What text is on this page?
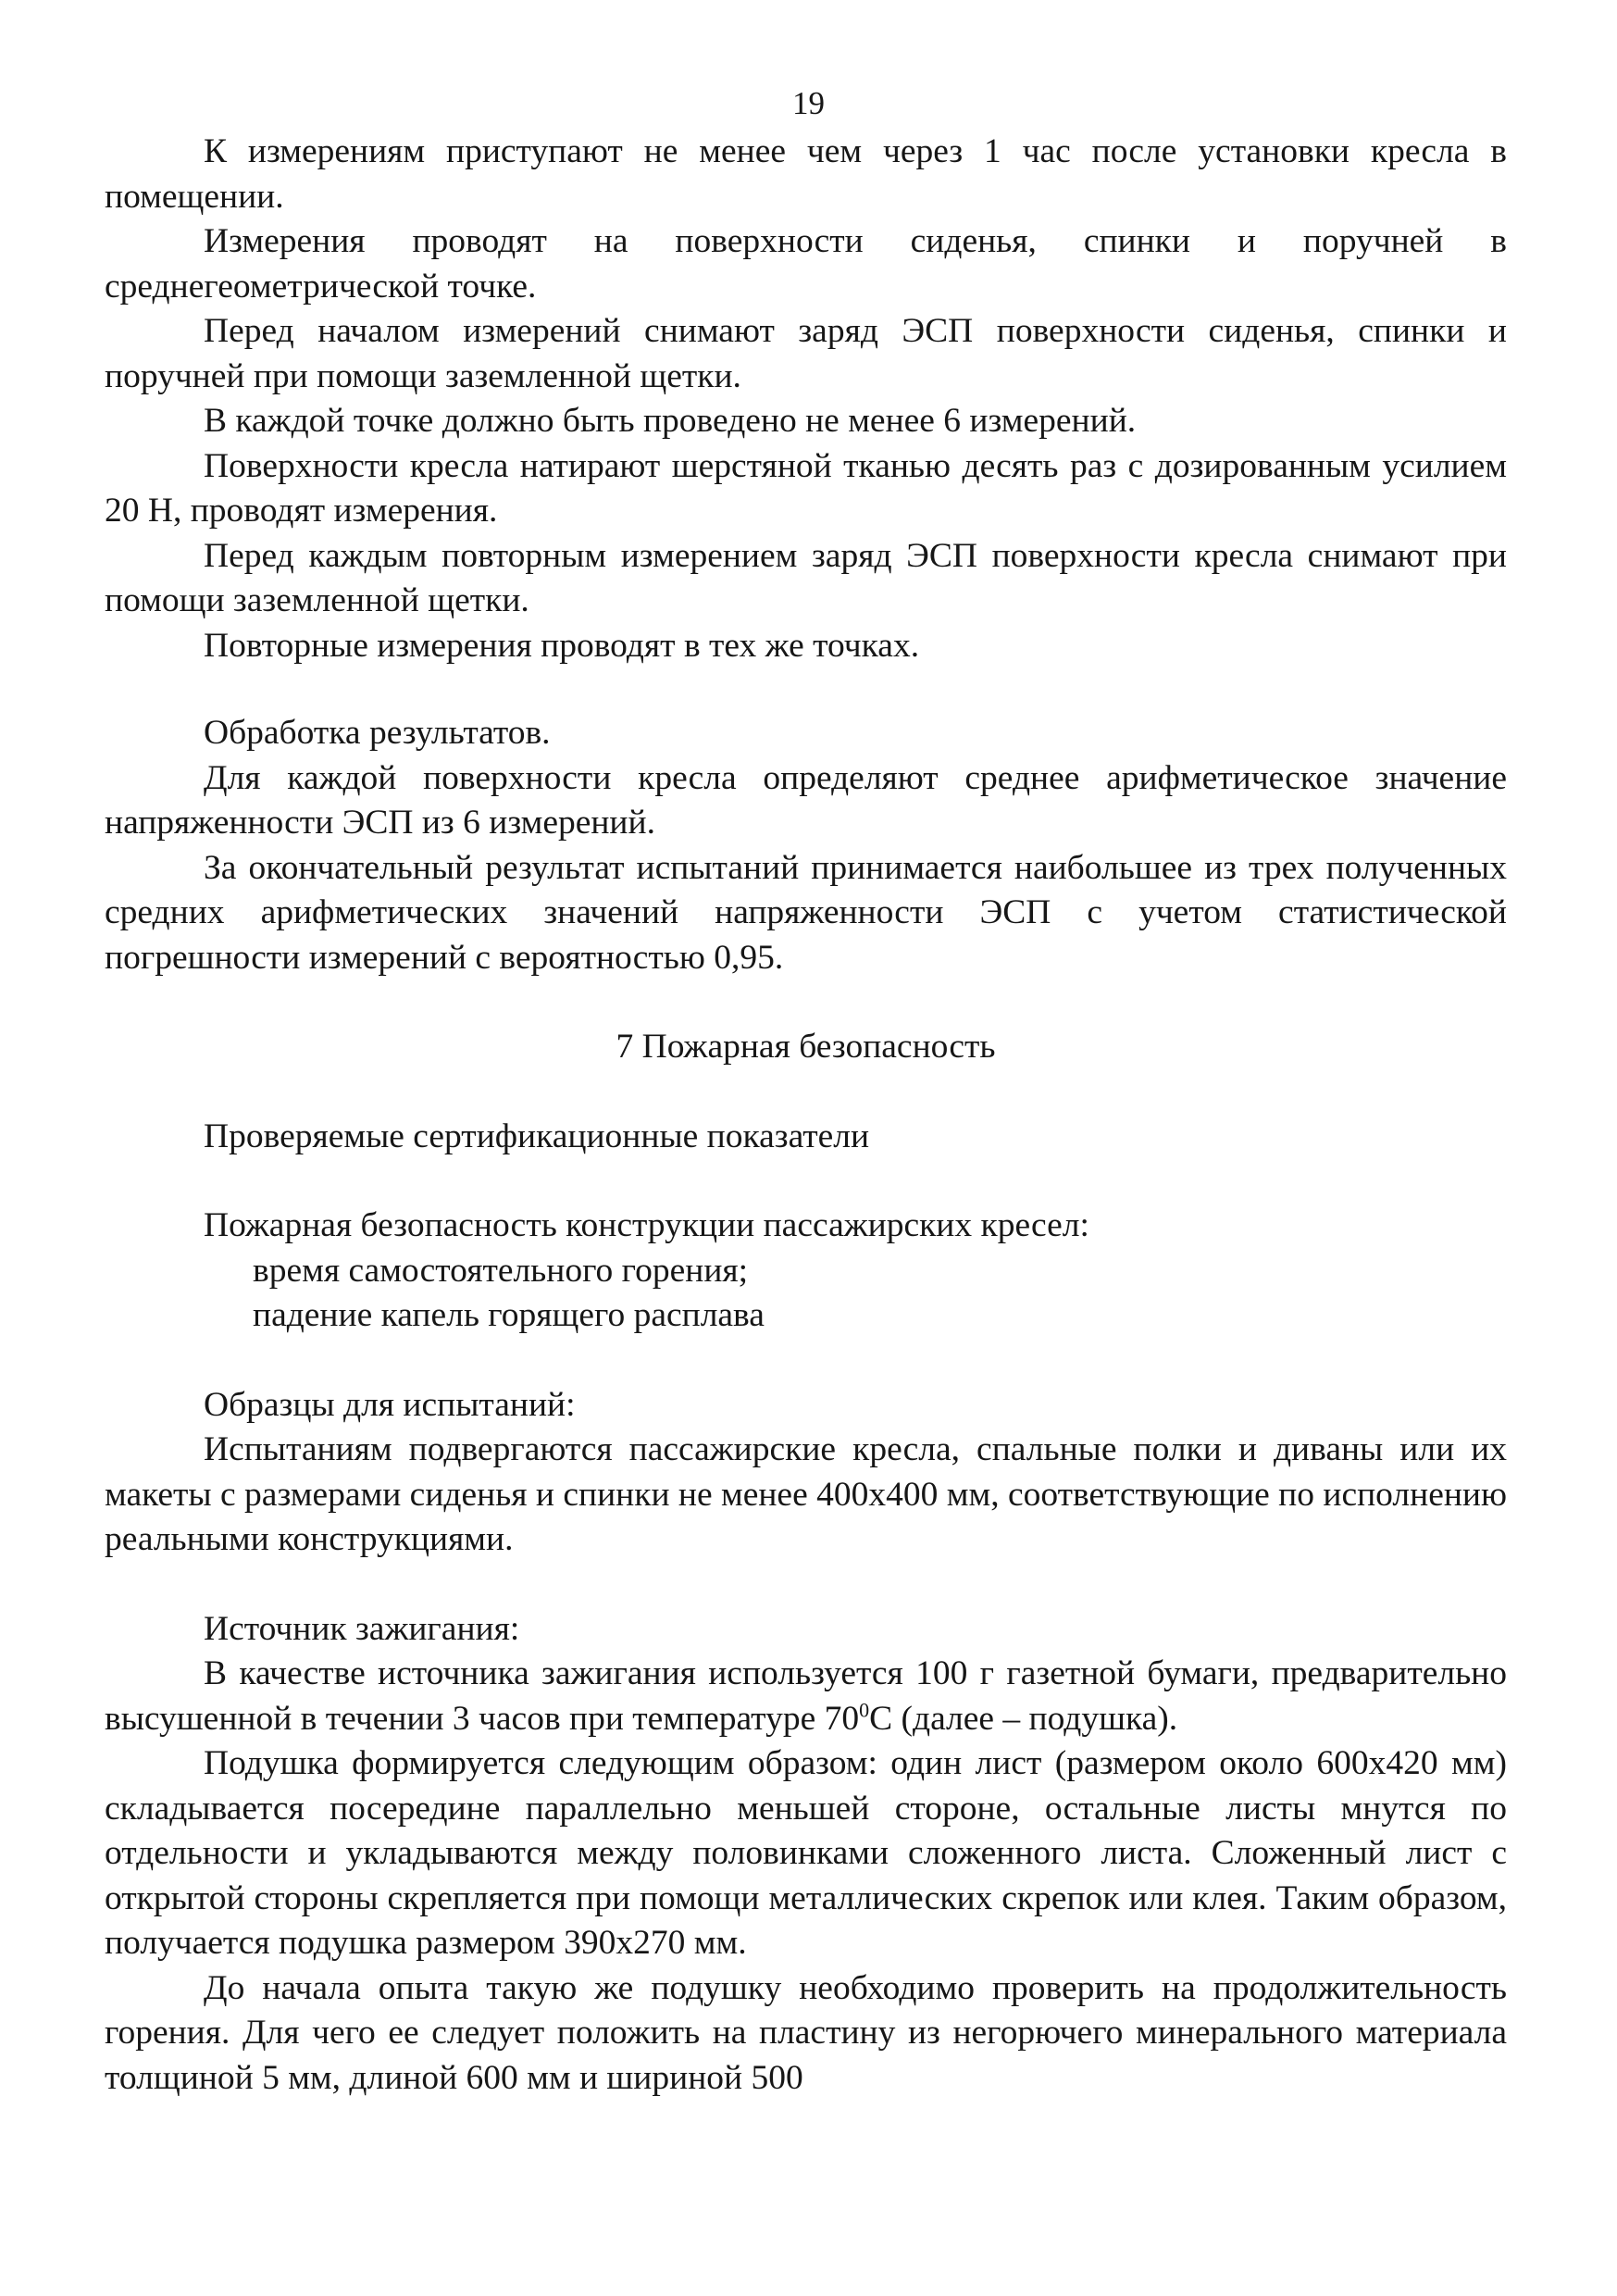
19

К измерениям приступают не менее чем через 1 час после установки кресла в помещении.

Измерения проводят на поверхности сиденья, спинки и поручней в среднегеометрической точке.

Перед началом измерений снимают заряд ЭСП поверхности сиденья, спинки и поручней при помощи заземленной щетки.

В каждой точке должно быть проведено не менее 6 измерений.

Поверхности кресла натирают шерстяной тканью десять раз с дозированным усилием 20 Н, проводят измерения.

Перед каждым повторным измерением заряд ЭСП поверхности кресла снимают при помощи заземленной щетки.

Повторные измерения проводят в тех же точках.

Обработка результатов.

Для каждой поверхности кресла определяют среднее арифметическое значение напряженности ЭСП из 6 измерений.

За окончательный результат испытаний принимается наибольшее из трех полученных средних арифметических значений напряженности ЭСП с учетом статистической погрешности измерений с вероятностью 0,95.

7 Пожарная безопасность

Проверяемые сертификационные показатели

Пожарная безопасность конструкции пассажирских кресел:

время самостоятельного горения;

падение капель горящего расплава

Образцы для испытаний:

Испытаниям подвергаются пассажирские кресла, спальные полки и диваны или их макеты с размерами сиденья и спинки не менее 400х400 мм, соответствующие по исполнению реальными конструкциями.

Источник зажигания:

В качестве источника зажигания используется 100 г газетной бумаги, предварительно высушенной в течении 3 часов при температуре $70^0С$ (далее – подушка).

Подушка формируется следующим образом: один лист (размером около 600х420 мм) складывается посередине параллельно меньшей стороне, остальные листы мнутся по отдельности и укладываются между половинками сложенного листа. Сложенный лист с открытой стороны скрепляется при помощи металлических скрепок или клея. Таким образом, получается подушка размером 390х270 мм.

До начала опыта такую же подушку необходимо проверить на продолжительность горения. Для чего ее следует положить на пластину из негорючего минерального материала толщиной 5 мм, длиной 600 мм и шириной 500
